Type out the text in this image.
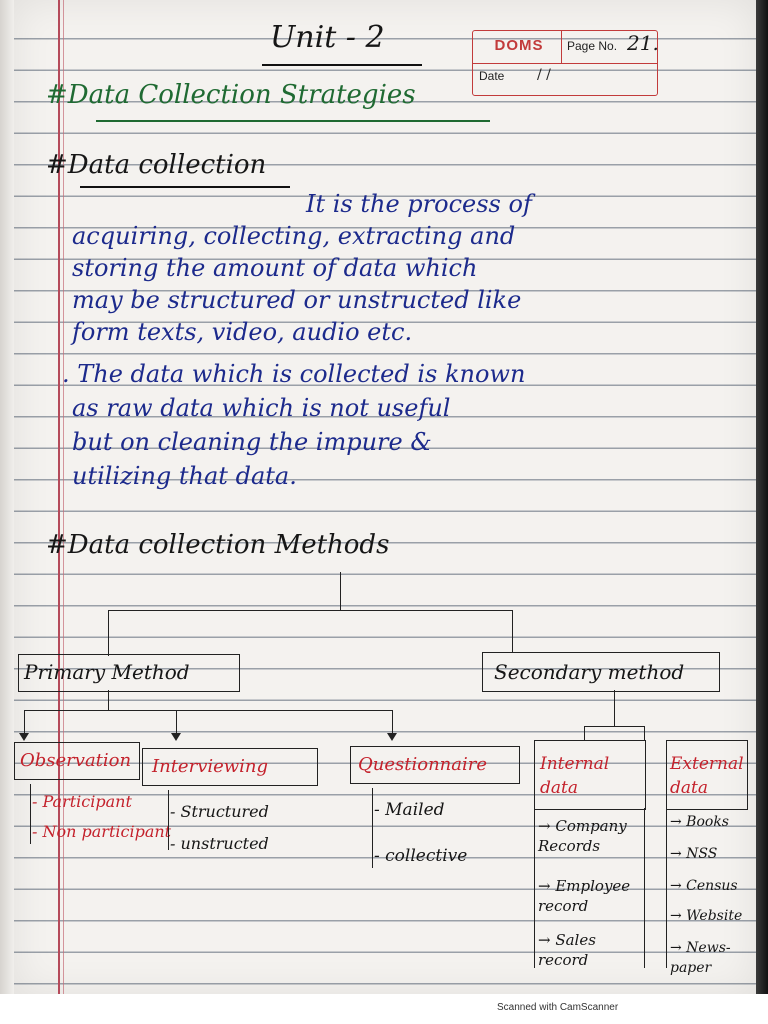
Unit - 2	DOMS	Page No. 21.
Date / /
#Data Collection Strategies
#Data collection
It is the process of
acquiring, collecting, extracting and
storing the amount of data which
may be structured or unstructed like
form texts, video, audio etc.
. The data which is collected is known
as raw data which is not useful
but on cleaning the impure &
utilizing that data.
#Data collection Methods
Primary Method	Secondary method
Observation Interviewing	Questionnaire	Internal data
External data
- Participant
- Non participant
- Structured
- unstructed
- Mailed
- collective
→ Company Records
→ Employee record
→ Sales record
→ Books
→ NSS
→ Census
→ Website
→ News-paper
Scanned with CamScanner
